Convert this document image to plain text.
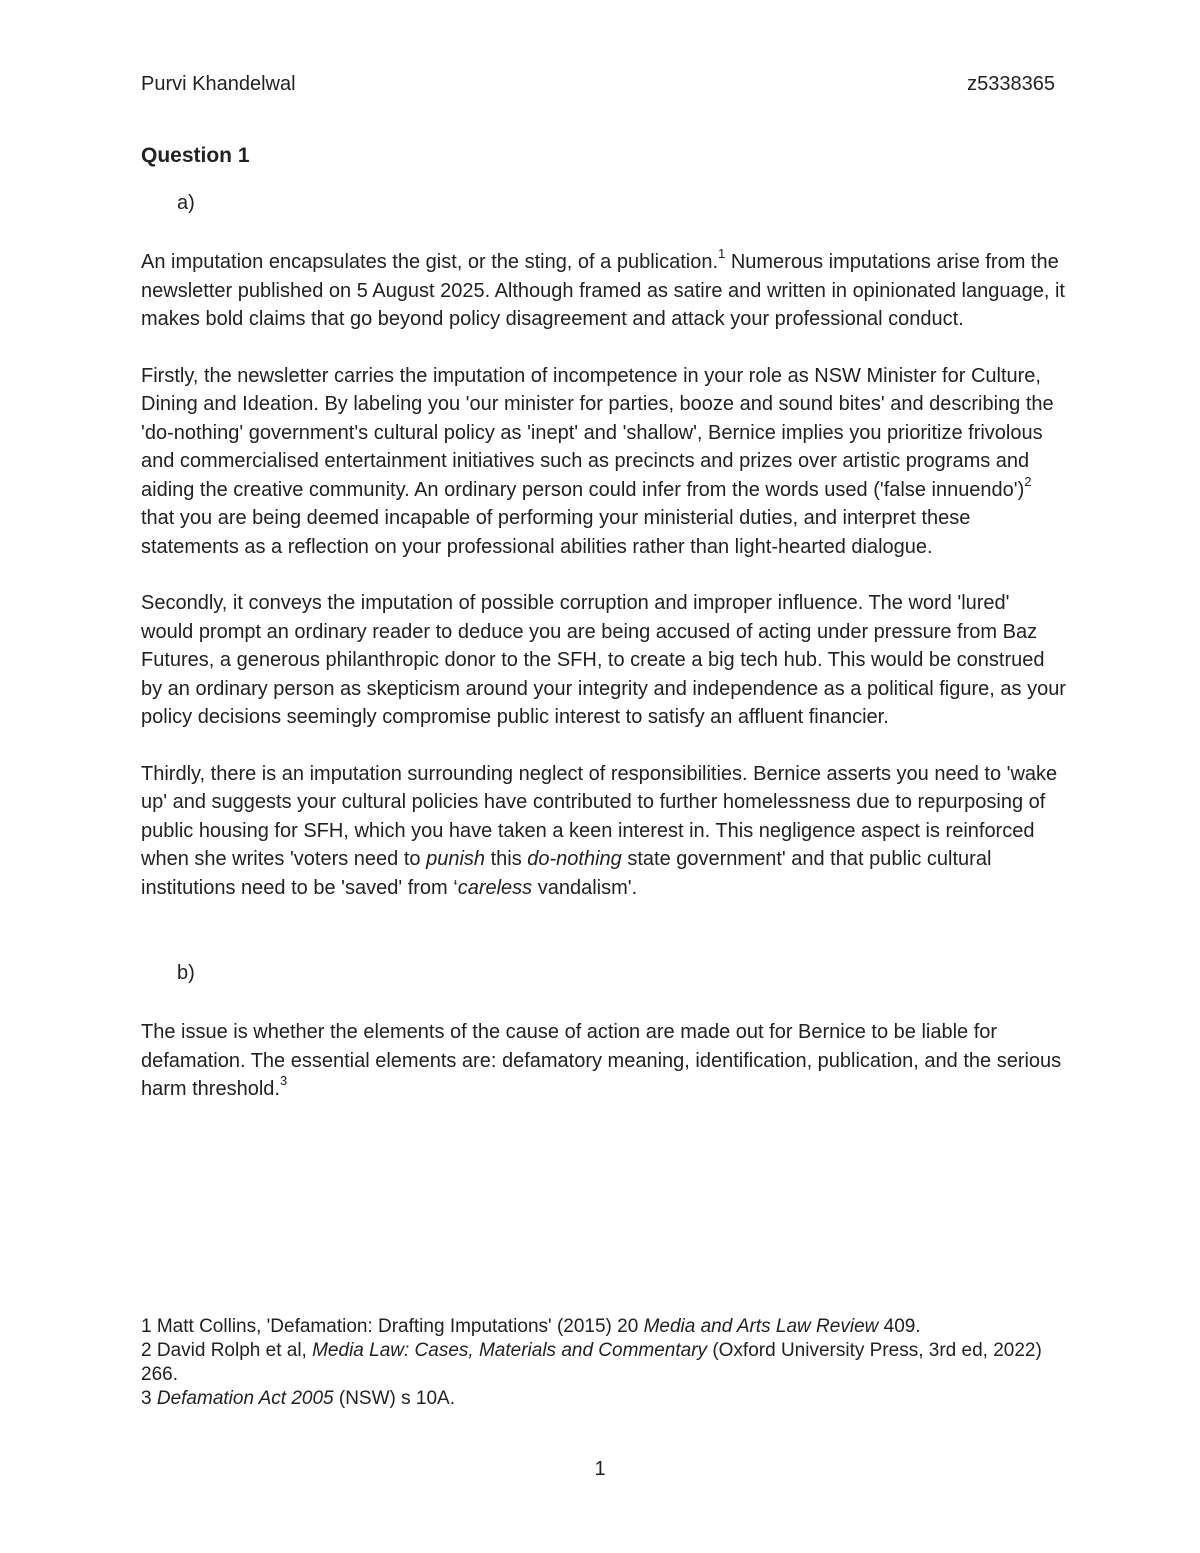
Purvi Khandelwal	z5338365
Question 1
a)

An imputation encapsulates the gist, or the sting, of a publication.$^1$ Numerous imputations arise from the newsletter published on 5 August 2025. Although framed as satire and written in opinionated language, it makes bold claims that go beyond policy disagreement and attack your professional conduct.

Firstly, the newsletter carries the imputation of incompetence in your role as NSW Minister for Culture, Dining and Ideation. By labeling you 'our minister for parties, booze and sound bites' and describing the 'do-nothing' government's cultural policy as 'inept' and 'shallow', Bernice implies you prioritize frivolous and commercialised entertainment initiatives such as precincts and prizes over artistic programs and aiding the creative community. An ordinary person could infer from the words used ('false innuendo')$^2$ that you are being deemed incapable of performing your ministerial duties, and interpret these statements as a reflection on your professional abilities rather than light-hearted dialogue.

Secondly, it conveys the imputation of possible corruption and improper influence. The word 'lured' would prompt an ordinary reader to deduce you are being accused of acting under pressure from Baz Futures, a generous philanthropic donor to the SFH, to create a big tech hub. This would be construed by an ordinary person as skepticism around your integrity and independence as a political figure, as your policy decisions seemingly compromise public interest to satisfy an affluent financier.

Thirdly, there is an imputation surrounding neglect of responsibilities. Bernice asserts you need to 'wake up' and suggests your cultural policies have contributed to further homelessness due to repurposing of public housing for SFH, which you have taken a keen interest in. This negligence aspect is reinforced when she writes 'voters need to punish this do-nothing state government' and that public cultural institutions need to be 'saved' from ‘careless vandalism'.

b)

The issue is whether the elements of the cause of action are made out for Bernice to be liable for defamation. The essential elements are: defamatory meaning, identification, publication, and the serious harm threshold.$^3$

1 Matt Collins, 'Defamation: Drafting Imputations' (2015) 20 Media and Arts Law Review 409.

2 David Rolph et al, Media Law: Cases, Materials and Commentary (Oxford University Press, 3rd ed, 2022) 266.

3 Defamation Act 2005 (NSW) s 10A.

1
